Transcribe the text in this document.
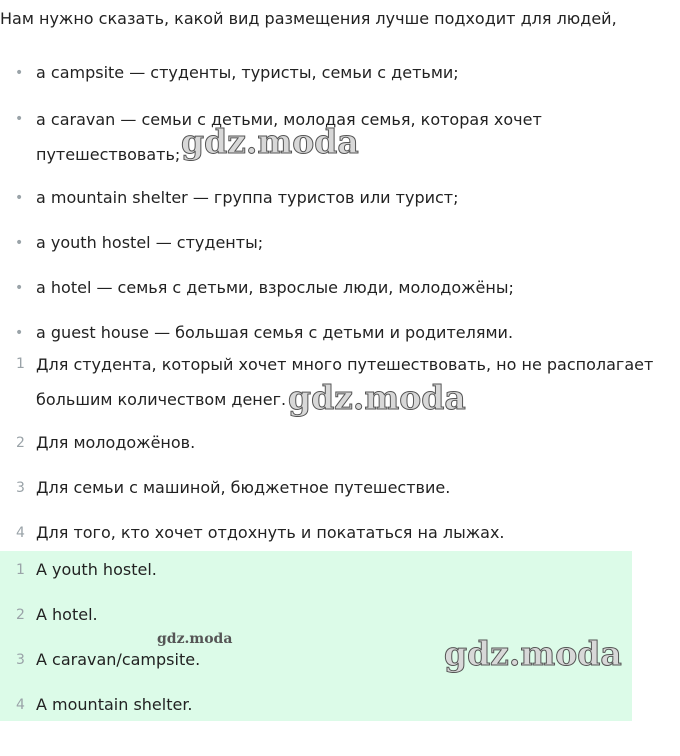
Нам нужно сказать, какой вид размещения лучше подходит для людей,

• a campsite — студенты, туристы, семьи с детьми;
• a caravan — семьи с детьми, молодая семья, которая хочет путешествовать;
• a mountain shelter — группа туристов или турист;
• a youth hostel — студенты;
• a hotel — семья с детьми, взрослые люди, молодожёны;
• a guest house — большая семья с детьми и родителями.
1 Для студента, который хочет много путешествовать, но не располагает большим количеством денег.
2 Для молодожёнов.
3 Для семьи с машиной, бюджетное путешествие.
4 Для того, кто хочет отдохнуть и покататься на лыжах.
1 A youth hostel.
2 A hotel.
3 A caravan/campsite.
4 A mountain shelter.
gdz.moda
gdz.moda
gdz.moda	gdz.moda
